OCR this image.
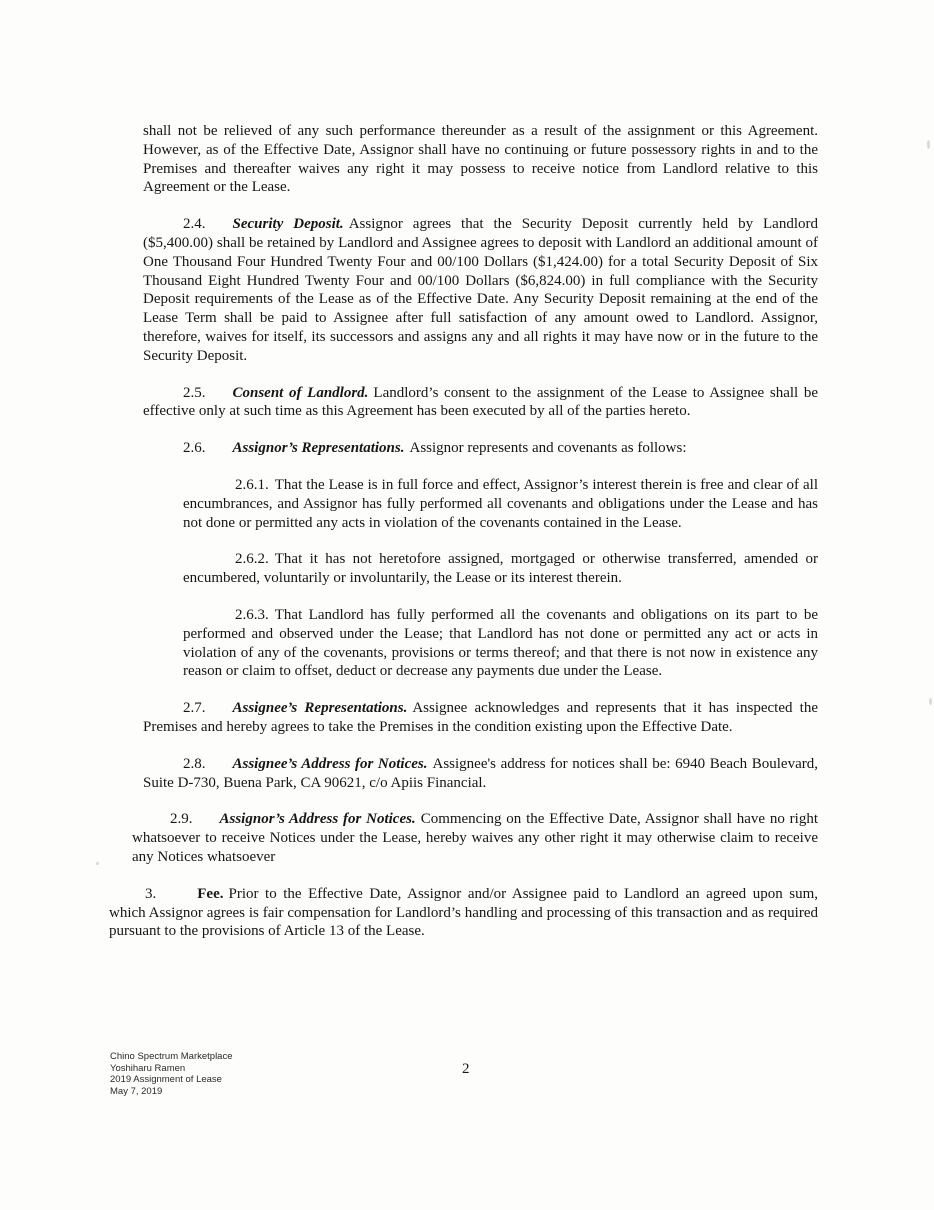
shall not be relieved of any such performance thereunder as a result of the assignment or this Agreement. However, as of the Effective Date, Assignor shall have no continuing or future possessory rights in and to the Premises and thereafter waives any right it may possess to receive notice from Landlord relative to this Agreement or the Lease.

2.4. Security Deposit. Assignor agrees that the Security Deposit currently held by Landlord ($5,400.00) shall be retained by Landlord and Assignee agrees to deposit with Landlord an additional amount of One Thousand Four Hundred Twenty Four and 00/100 Dollars ($1,424.00) for a total Security Deposit of Six Thousand Eight Hundred Twenty Four and 00/100 Dollars ($6,824.00) in full compliance with the Security Deposit requirements of the Lease as of the Effective Date. Any Security Deposit remaining at the end of the Lease Term shall be paid to Assignee after full satisfaction of any amount owed to Landlord. Assignor, therefore, waives for itself, its successors and assigns any and all rights it may have now or in the future to the Security Deposit.

2.5. Consent of Landlord. Landlord’s consent to the assignment of the Lease to Assignee shall be effective only at such time as this Agreement has been executed by all of the parties hereto.

2.6. Assignor’s Representations. Assignor represents and covenants as follows:

2.6.1. That the Lease is in full force and effect, Assignor’s interest therein is free and clear of all encumbrances, and Assignor has fully performed all covenants and obligations under the Lease and has not done or permitted any acts in violation of the covenants contained in the Lease.

2.6.2. That it has not heretofore assigned, mortgaged or otherwise transferred, amended or encumbered, voluntarily or involuntarily, the Lease or its interest therein.

2.6.3. That Landlord has fully performed all the covenants and obligations on its part to be performed and observed under the Lease; that Landlord has not done or permitted any act or acts in violation of any of the covenants, provisions or terms thereof; and that there is not now in existence any reason or claim to offset, deduct or decrease any payments due under the Lease.

2.7. Assignee’s Representations. Assignee acknowledges and represents that it has inspected the Premises and hereby agrees to take the Premises in the condition existing upon the Effective Date.

2.8. Assignee’s Address for Notices. Assignee's address for notices shall be: 6940 Beach Boulevard, Suite D-730, Buena Park, CA 90621, c/o Apiis Financial.

2.9. Assignor’s Address for Notices. Commencing on the Effective Date, Assignor shall have no right whatsoever to receive Notices under the Lease, hereby waives any other right it may otherwise claim to receive any Notices whatsoever

3.	Fee. Prior to the Effective Date, Assignor and/or Assignee paid to Landlord an agreed upon sum, which Assignor agrees is fair compensation for Landlord’s handling and processing of this transaction and as required pursuant to the provisions of Article 13 of the Lease.

Chino Spectrum Marketplace
Yoshiharu Ramen
2019 Assignment of Lease
May 7, 2019
2
